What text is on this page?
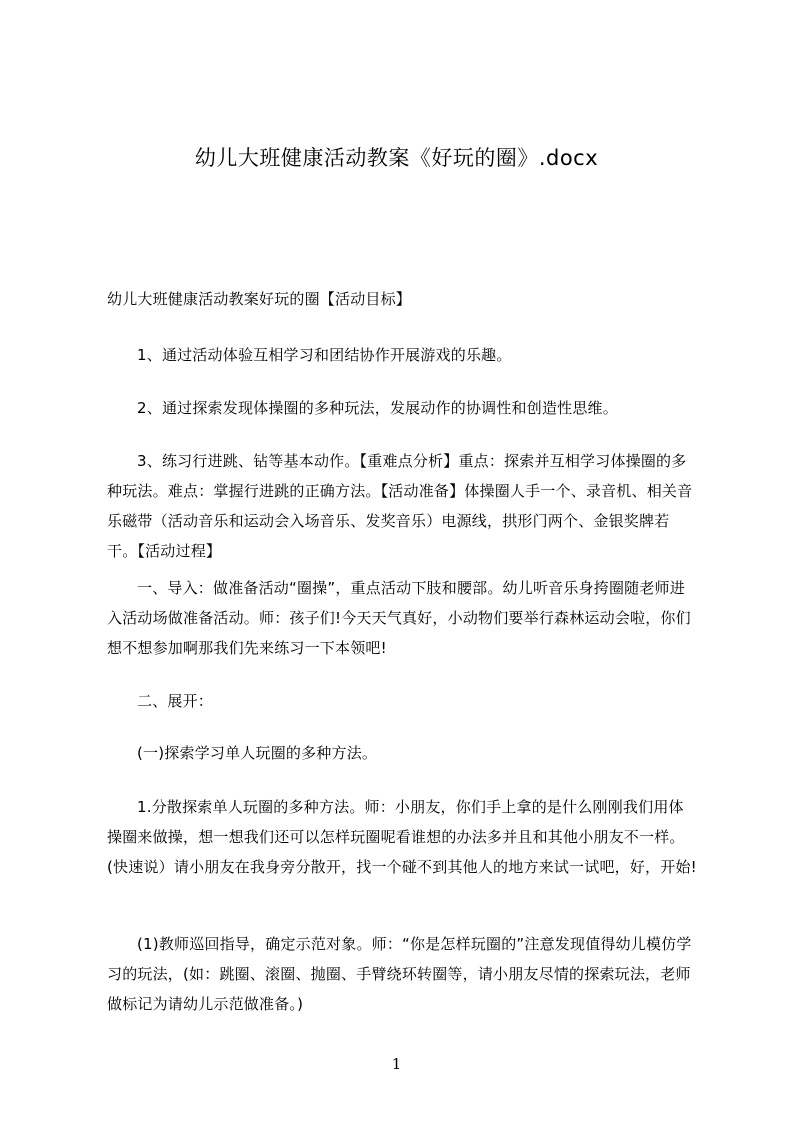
幼儿大班健康活动教案《好玩的圈》.docx

幼儿大班健康活动教案好玩的圈【活动目标】

1、通过活动体验互相学习和团结协作开展游戏的乐趣。

2、通过探索发现体操圈的多种玩法，发展动作的协调性和创造性思维。

3、练习行进跳、钻等基本动作。【重难点分析】重点：探索并互相学习体操圈的多种玩法。难点：掌握行进跳的正确方法。【活动准备】体操圈人手一个、录音机、相关音乐磁带（活动音乐和运动会入场音乐、发奖音乐）电源线，拱形门两个、金银奖牌若干。【活动过程】

一、导入：做准备活动“圈操”，重点活动下肢和腰部。幼儿听音乐身挎圈随老师进入活动场做准备活动。师：孩子们!今天天气真好，小动物们要举行森林运动会啦，你们想不想参加啊那我们先来练习一下本领吧!

二、展开：

(一)探索学习单人玩圈的多种方法。

1.分散探索单人玩圈的多种方法。师：小朋友，你们手上拿的是什么刚刚我们用体操圈来做操，想一想我们还可以怎样玩圈呢看谁想的办法多并且和其他小朋友不一样。(快速说）请小朋友在我身旁分散开，找一个碰不到其他人的地方来试一试吧，好，开始!

(1)教师巡回指导，确定示范对象。师：“你是怎样玩圈的”注意发现值得幼儿模仿学习的玩法，(如：跳圈、滚圈、抛圈、手臂绕环转圈等，请小朋友尽情的探索玩法，老师做标记为请幼儿示范做准备。)

1
